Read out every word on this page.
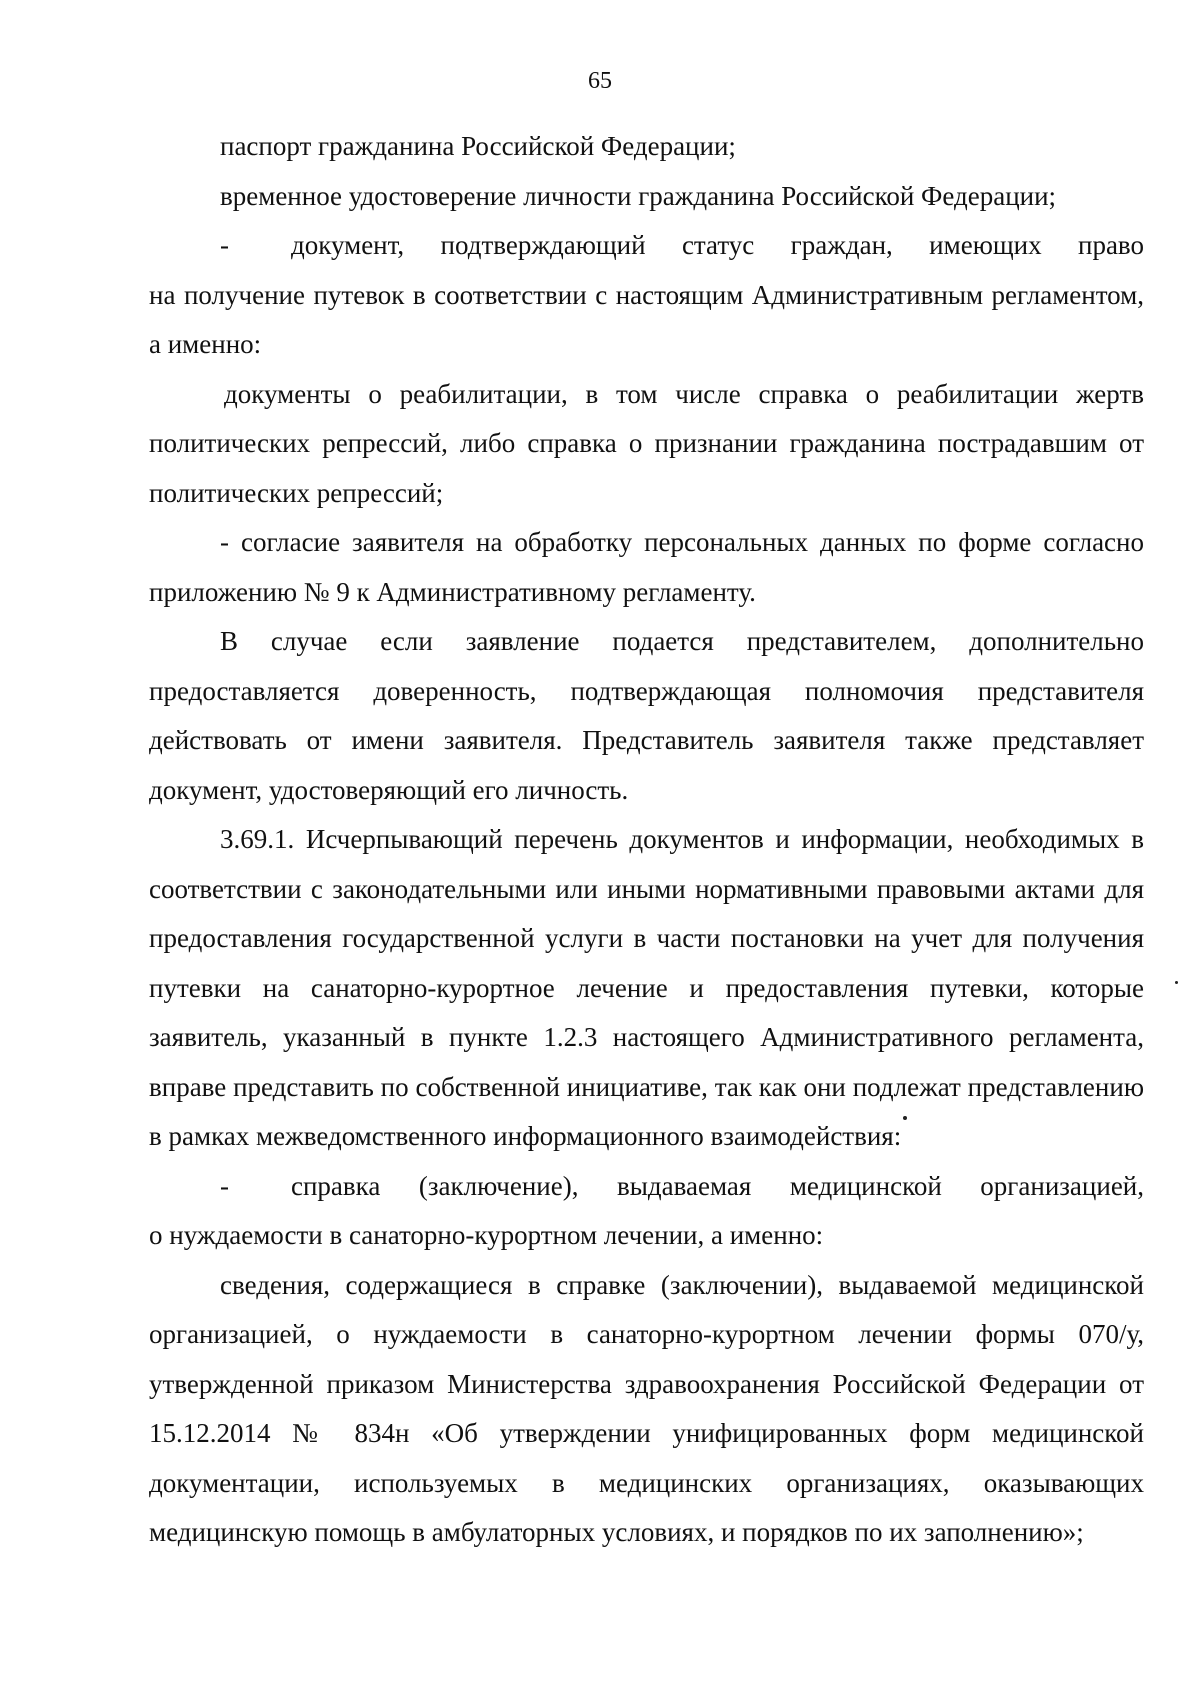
65

паспорт гражданина Российской Федерации;

временное удостоверение личности гражданина Российской Федерации;

-	документ, подтверждающий статус граждан, имеющих право

на получение путевок в соответствии с настоящим Административным регламентом, а именно:

документы о реабилитации, в том числе справка о реабилитации жертв политических репрессий, либо справка о признании гражданина пострадавшим от политических репрессий;

- согласие заявителя на обработку персональных данных по форме согласно приложению № 9 к Административному регламенту.

В случае если заявление подается представителем, дополнительно предоставляется доверенность, подтверждающая полномочия представителя действовать от имени заявителя. Представитель заявителя также представляет документ, удостоверяющий его личность.

3.69.1. Исчерпывающий перечень документов и информации, необходимых в соответствии с законодательными или иными нормативными правовыми актами для предоставления государственной услуги в части постановки на учет для получения путевки на санаторно-курортное лечение и предоставления путевки, которые заявитель, указанный в пункте 1.2.3 настоящего Административного регламента, вправе представить по собственной инициативе, так как они подлежат представлению в рамках межведомственного информационного взаимодействия:

-	справка (заключение), выдаваемая медицинской организацией,

о нуждаемости в санаторно-курортном лечении, а именно:

сведения, содержащиеся в справке (заключении), выдаваемой медицинской организацией, о нуждаемости в санаторно-курортном лечении формы 070/у, утвержденной приказом Министерства здравоохранения Российской Федерации от 15.12.2014 № 834н «Об утверждении унифицированных форм медицинской документации, используемых в медицинских организациях, оказывающих медицинскую помощь в амбулаторных условиях, и порядков по их заполнению»;
